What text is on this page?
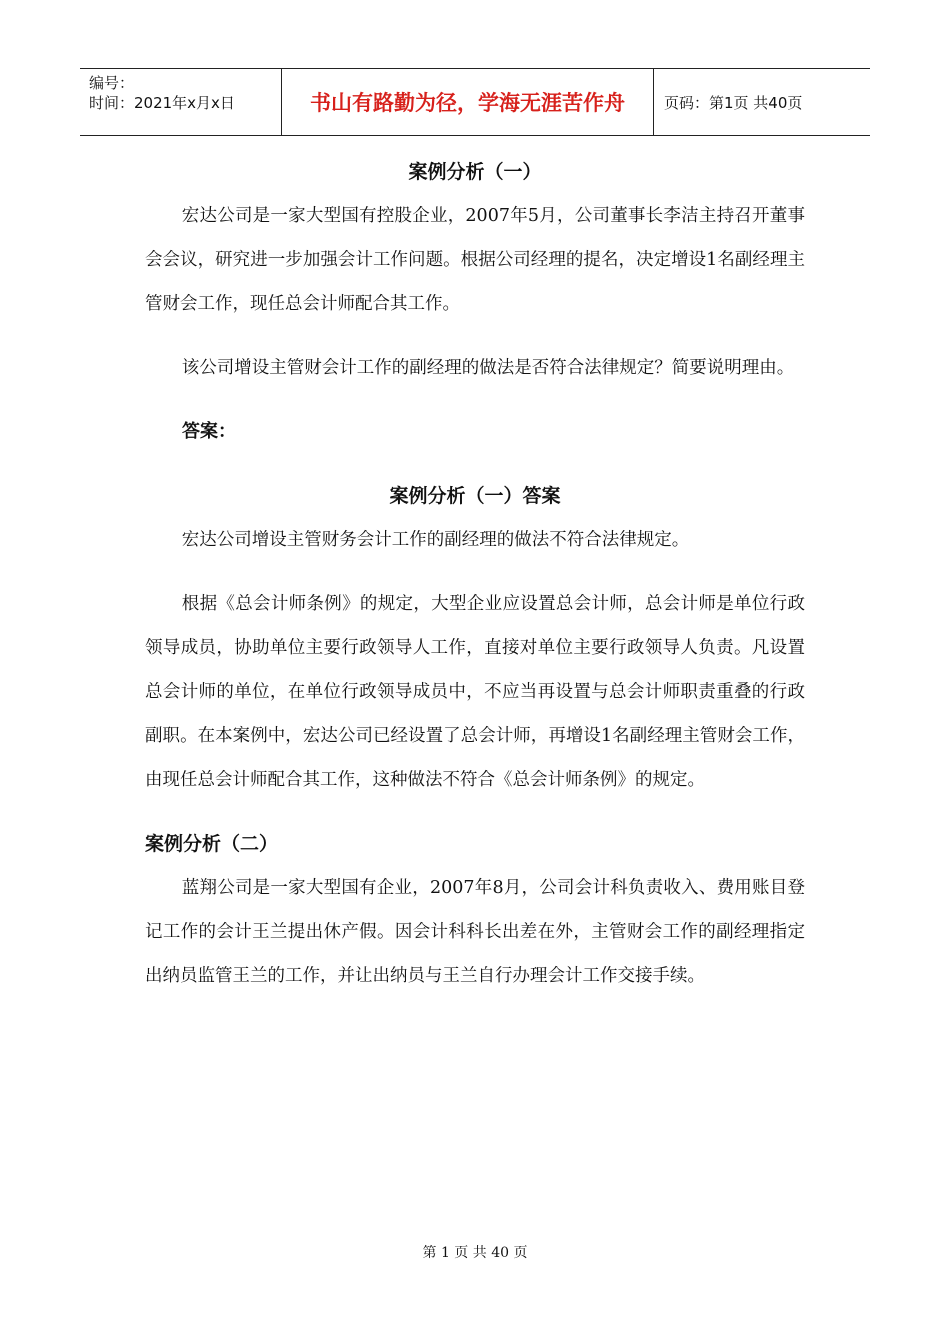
编号：
时间：2021年x月x日	书山有路勤为径，学海无涯苦作舟	页码：第1页 共40页
案例分析（一）

宏达公司是一家大型国有控股企业，2007年5月，公司董事长李洁主持召开董事会会议，研究进一步加强会计工作问题。根据公司经理的提名，决定增设1名副经理主管财会工作，现任总会计师配合其工作。

该公司增设主管财会计工作的副经理的做法是否符合法律规定？简要说明理由。

答案：
案例分析（一）答案

宏达公司增设主管财务会计工作的副经理的做法不符合法律规定。

根据《总会计师条例》的规定，大型企业应设置总会计师，总会计师是单位行政领导成员，协助单位主要行政领导人工作，直接对单位主要行政领导人负责。凡设置总会计师的单位，在单位行政领导成员中，不应当再设置与总会计师职责重叠的行政副职。在本案例中，宏达公司已经设置了总会计师，再增设1名副经理主管财会工作，由现任总会计师配合其工作，这种做法不符合《总会计师条例》的规定。

案例分析（二）

蓝翔公司是一家大型国有企业，2007年8月，公司会计科负责收入、费用账目登记工作的会计王兰提出休产假。因会计科科长出差在外，主管财会工作的副经理指定出纳员监管王兰的工作，并让出纳员与王兰自行办理会计工作交接手续。

第 1 页 共 40 页
